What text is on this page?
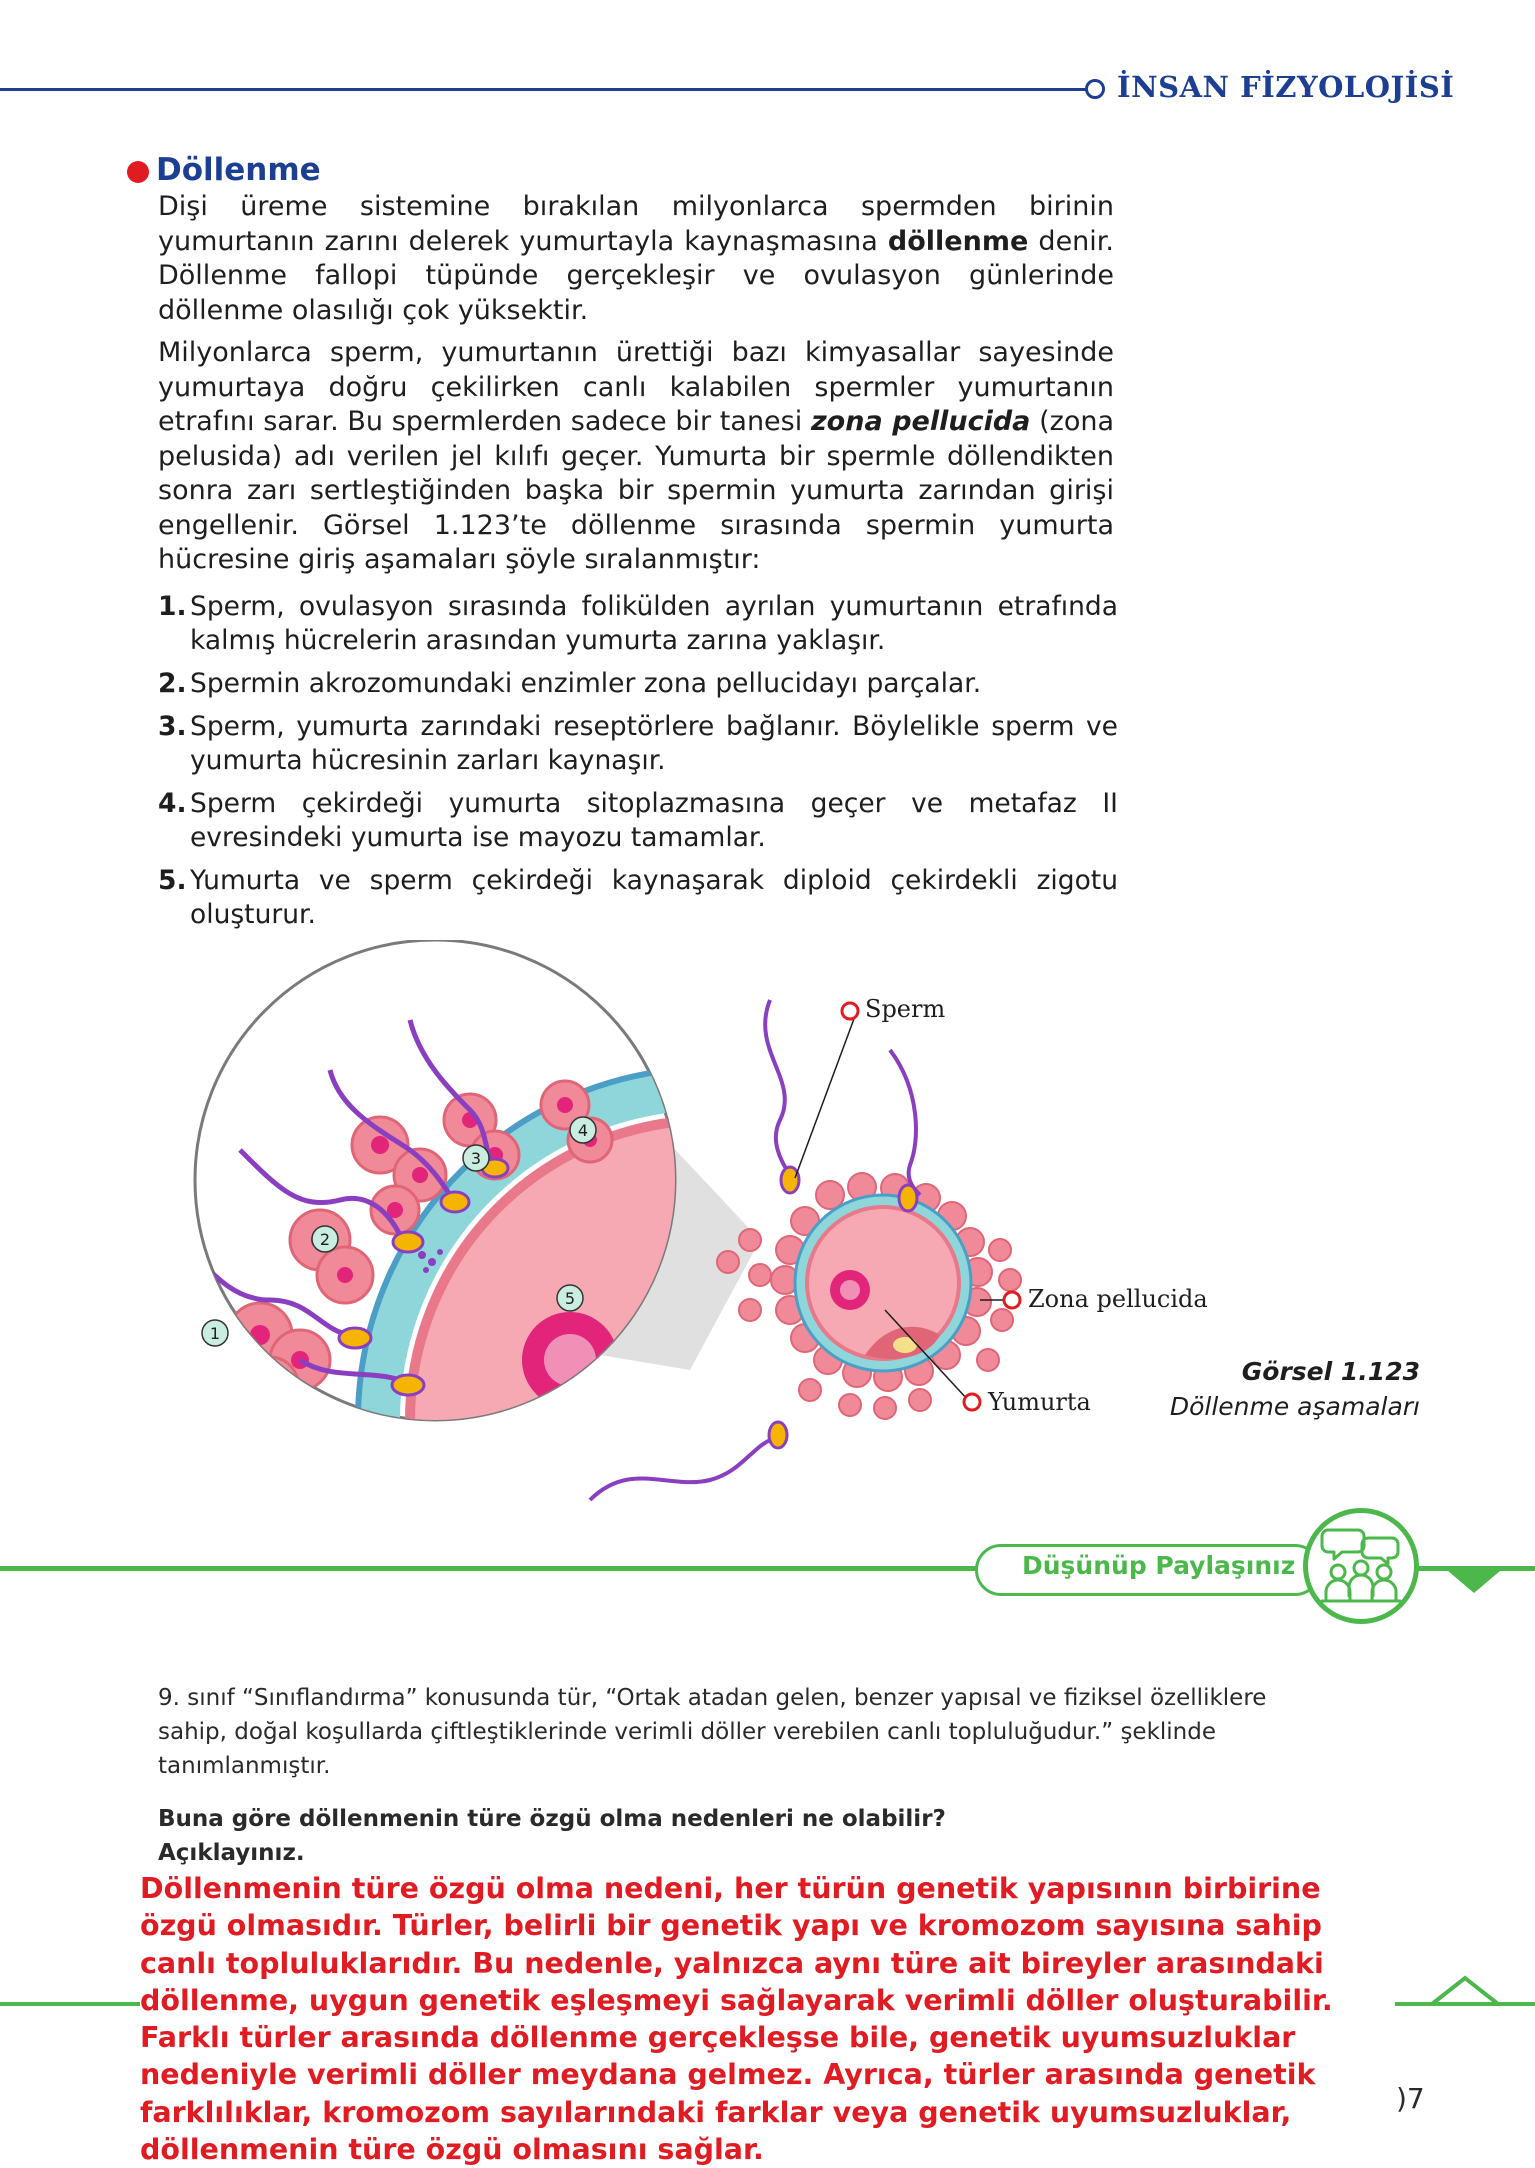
İNSAN FİZYOLOJİSİ
Döllenme
Dişi üreme sistemine bırakılan milyonlarca spermden birinin yumurtanın zarını delerek yumurtayla kaynaşmasına döllenme denir. Döllenme fallopi tüpünde gerçekleşir ve ovulasyon günlerinde döllenme olasılığı çok yüksektir.
Milyonlarca sperm, yumurtanın ürettiği bazı kimyasallar sayesinde yumurtaya doğru çekilirken canlı kalabilen spermler yumurtanın etrafını sarar. Bu spermlerden sadece bir tanesi zona pellucida (zona pelusida) adı verilen jel kılıfı geçer. Yumurta bir spermle döllendikten sonra zarı sertleştiğinden başka bir spermin yumurta zarından girişi engellenir. Görsel 1.123’te döllenme sırasında spermin yumurta hücresine giriş aşamaları şöyle sıralanmıştır:
1. Sperm, ovulasyon sırasında folikülden ayrılan yumurtanın etrafında kalmış hücrelerin arasından yumurta zarına yaklaşır.
2. Spermin akrozomundaki enzimler zona pellucidayı parçalar.
3. Sperm, yumurta zarındaki reseptörlere bağlanır. Böylelikle sperm ve yumurta hücresinin zarları kaynaşır.
4. Sperm çekirdeği yumurta sitoplazmasına geçer ve metafaz II evresindeki yumurta ise mayozu tamamlar.
5. Yumurta ve sperm çekirdeği kaynaşarak diploid çekirdekli zigotu oluşturur.
1
2
3
4
5
Sperm
Zona pellucida
Yumurta
Görsel 1.123
Döllenme aşamaları
Düşünüp Paylaşınız
9. sınıf “Sınıflandırma” konusunda tür, “Ortak atadan gelen, benzer yapısal ve fiziksel özelliklere sahip, doğal koşullarda çiftleştiklerinde verimli döller verebilen canlı topluluğudur.” şeklinde tanımlanmıştır.
Buna göre döllenmenin türe özgü olma nedenleri ne olabilir?
Açıklayınız.
Döllenmenin türe özgü olma nedeni, her türün genetik yapısının birbirine özgü olmasıdır. Türler, belirli bir genetik yapı ve kromozom sayısına sahip canlı topluluklarıdır. Bu nedenle, yalnızca aynı türe ait bireyler arasındaki döllenme, uygun genetik eşleşmeyi sağlayarak verimli döller oluşturabilir. Farklı türler arasında döllenme gerçekleşse bile, genetik uyumsuzluklar nedeniyle verimli döller meydana gelmez. Ayrıca, türler arasında genetik farklılıklar, kromozom sayılarındaki farklar veya genetik uyumsuzluklar, döllenmenin türe özgü olmasını sağlar.
)7
